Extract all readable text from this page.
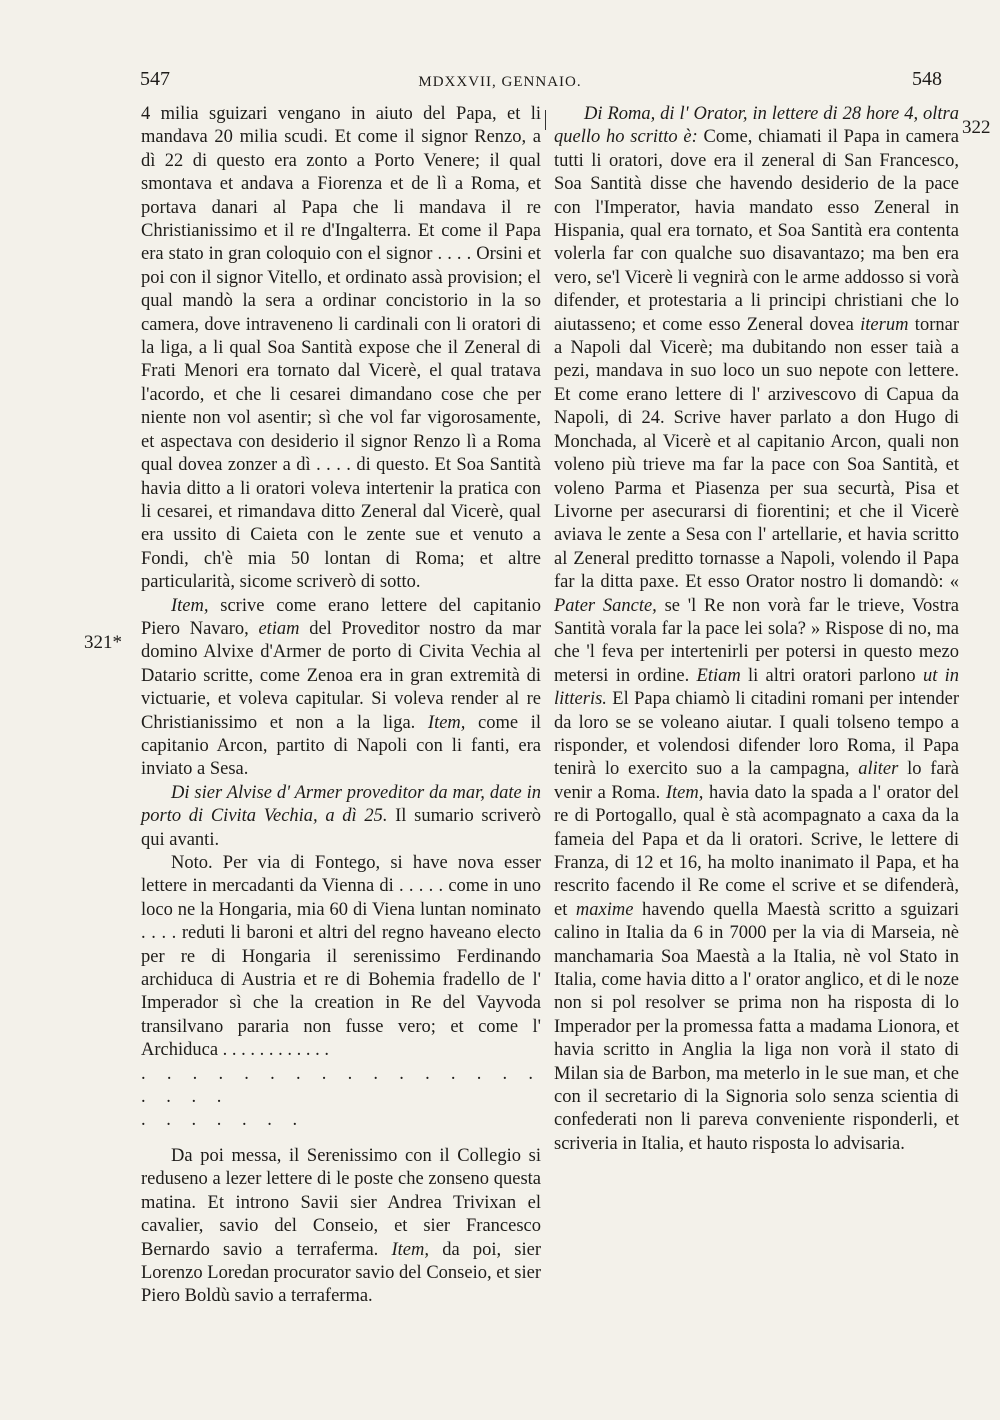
547	MDXXVII, GENNAIO.	548
321*
322

4 milia sguizari vengano in aiuto del Papa, et li mandava 20 milia scudi. Et come il signor Renzo, a dì 22 di questo era zonto a Porto Venere; il qual smontava et andava a Fiorenza et de lì a Roma, et portava danari al Papa che li mandava il re Christianissimo et il re d'Ingalterra. Et come il Papa era stato in gran coloquio con el signor . . . . Orsini et poi con il signor Vitello, et ordinato assà provision; el qual mandò la sera a ordinar concistorio in la so camera, dove intraveneno li cardinali con li oratori di la liga, a li qual Soa Santità expose che il Zeneral di Frati Menori era tornato dal Vicerè, el qual tratava l'acordo, et che li cesarei dimandano cose che per niente non vol asentir; sì che vol far vigorosamente, et aspectava con desiderio il signor Renzo lì a Roma qual dovea zonzer a dì . . . . di questo. Et Soa Santità havia ditto a li oratori voleva intertenir la pratica con li cesarei, et rimandava ditto Zeneral dal Vicerè, qual era ussito di Caieta con le zente sue et venuto a Fondi, ch'è mia 50 lontan di Roma; et altre particularità, sicome scriverò di sotto.

Item, scrive come erano lettere del capitanio Piero Navaro, etiam del Proveditor nostro da mar domino Alvixe d'Armer de porto di Civita Vechia al Datario scritte, come Zenoa era in gran extremità di victuarie, et voleva capitular. Si voleva render al re Christianissimo et non a la liga. Item, come il capitanio Arcon, partito di Napoli con li fanti, era inviato a Sesa.

Di sier Alvise d' Armer proveditor da mar, date in porto di Civita Vechia, a dì 25. Il sumario scriverò qui avanti.

Noto. Per via di Fontego, si have nova esser lettere in mercadanti da Vienna di . . . . . come in uno loco ne la Hongaria, mia 60 di Viena luntan nominato . . . . reduti li baroni et altri del regno haveano electo per re di Hongaria il serenissimo Ferdinando archiduca di Austria et re di Bohemia fradello de l' Imperador sì che la creation in Re del Vayvoda transilvano pararia non fusse vero; et come l' Archiduca . . . . . . . . . . . .

. . . . . . . . . . . . . . . . . . . .

. . . . . . .

Da poi messa, il Serenissimo con il Collegio si reduseno a lezer lettere di le poste che zonseno questa matina. Et introno Savii sier Andrea Trivixan el cavalier, savio del Conseio, et sier Francesco Bernardo savio a terraferma. Item, da poi, sier Lorenzo Loredan procurator savio del Conseio, et sier Piero Boldù savio a terraferma.

Di Roma, di l' Orator, in lettere di 28 hore 4, oltra quello ho scritto è: Come, chiamati il Papa in camera tutti li oratori, dove era il zeneral di San Francesco, Soa Santità disse che havendo desiderio de la pace con l'Imperator, havia mandato esso Zeneral in Hispania, qual era tornato, et Soa Santità era contenta volerla far con qualche suo disavantazo; ma ben era vero, se'l Vicerè li vegnirà con le arme addosso si vorà difender, et protestaria a li principi christiani che lo aiutasseno; et come esso Zeneral dovea iterum tornar a Napoli dal Vicerè; ma dubitando non esser taià a pezi, mandava in suo loco un suo nepote con lettere. Et come erano lettere di l' arzivescovo di Capua da Napoli, di 24. Scrive haver parlato a don Hugo di Monchada, al Vicerè et al capitanio Arcon, quali non voleno più trieve ma far la pace con Soa Santità, et voleno Parma et Piasenza per sua securtà, Pisa et Livorne per asecurarsi di fiorentini; et che il Vicerè aviava le zente a Sesa con l' artellarie, et havia scritto al Zeneral preditto tornasse a Napoli, volendo il Papa far la ditta paxe. Et esso Orator nostro li domandò: « Pater Sancte, se 'l Re non vorà far le trieve, Vostra Santità vorala far la pace lei sola? » Rispose di no, ma che 'l feva per intertenirli per potersi in questo mezo metersi in ordine. Etiam li altri oratori parlono ut in litteris. El Papa chiamò li citadini romani per intender da loro se se voleano aiutar. I quali tolseno tempo a risponder, et volendosi difender loro Roma, il Papa tenirà lo exercito suo a la campagna, aliter lo farà venir a Roma. Item, havia dato la spada a l' orator del re di Portogallo, qual è stà acompagnato a caxa da la fameia del Papa et da li oratori. Scrive, le lettere di Franza, di 12 et 16, ha molto inanimato il Papa, et ha rescrito facendo il Re come el scrive et se difenderà, et maxime havendo quella Maestà scritto a sguizari calino in Italia da 6 in 7000 per la via di Marseia, nè manchamaria Soa Maestà a la Italia, nè vol Stato in Italia, come havia ditto a l' orator anglico, et di le noze non si pol resolver se prima non ha risposta di lo Imperador per la promessa fatta a madama Lionora, et havia scritto in Anglia la liga non vorà il stato di Milan sia de Barbon, ma meterlo in le sue man, et che con il secretario di la Signoria solo senza scientia di confederati non li pareva conveniente risponderli, et scriveria in Italia, et hauto risposta lo advisaria.
